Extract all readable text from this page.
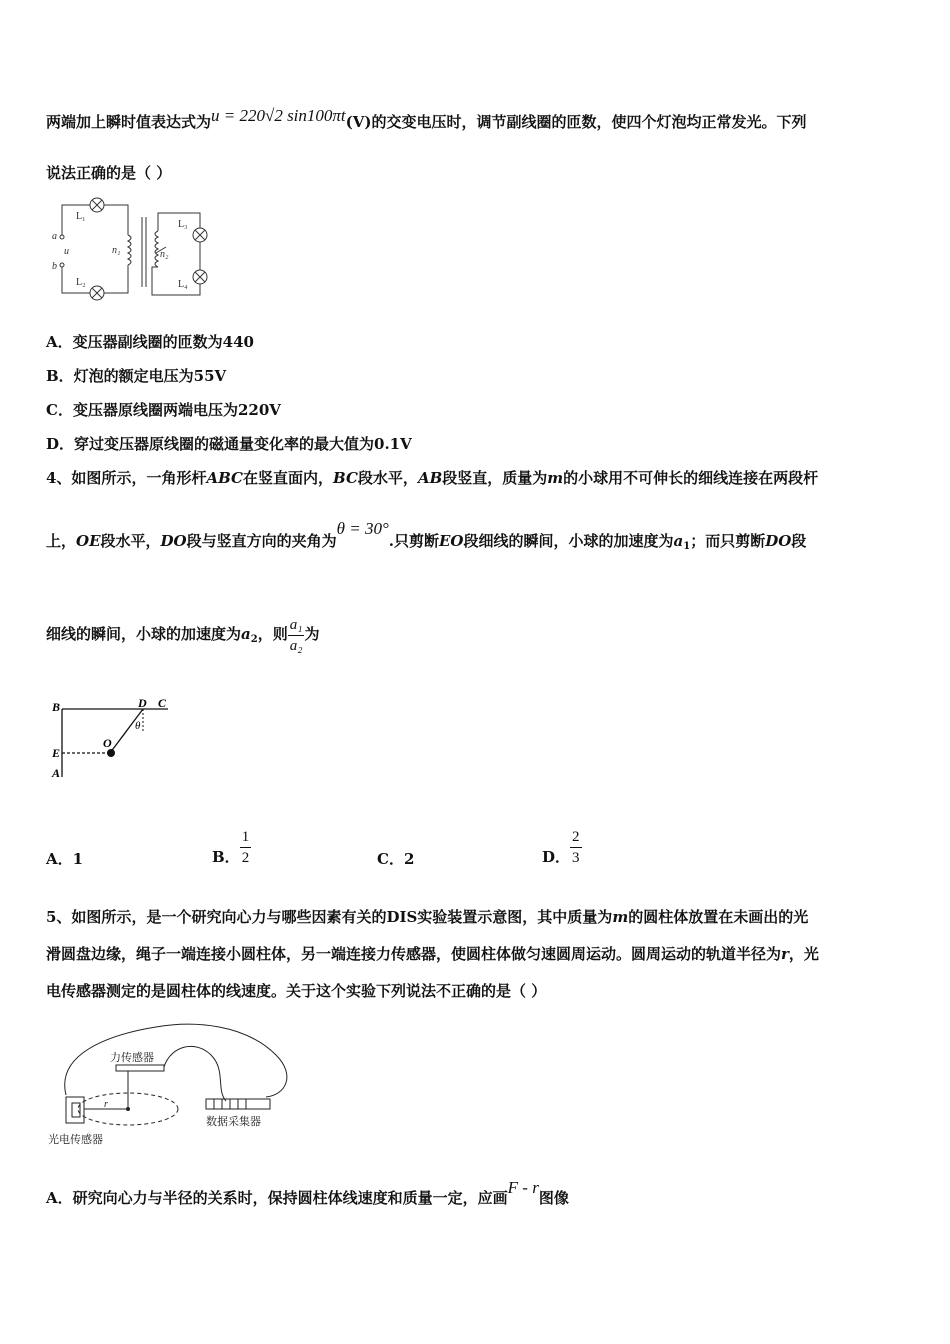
两端加上瞬时值表达式为u = 220√2 sin100πt(V)的交变电压时，调节副线圈的匝数，使四个灯泡均正常发光。下列
说法正确的是（ ）
L₁
L₂
L₃
L₄
a
b
u	n₁	n₂
A．变压器副线圈的匝数为440
B．灯泡的额定电压为55V
C．变压器原线圈两端电压为220V
D．穿过变压器原线圈的磁通量变化率的最大值为0.1V
4、如图所示，一角形杆ABC在竖直面内，BC段水平，AB段竖直，质量为m的小球用不可伸长的细线连接在两段杆
上，OE段水平，DO段与竖直方向的夹角为θ = 30°.只剪断EO段细线的瞬间，小球的加速度为$a_1$；而只剪断DO段
细线的瞬间，小球的加速度为$a_2$，则 $\frac{\text{a₁}}{\text{a₂}}$ 为
B	D C
E
O
A
θ
A．1	B． $\frac{1}{2}$	C．2	D． $\frac{2}{3}$
5、如图所示，是一个研究向心力与哪些因素有关的DIS实验装置示意图，其中质量为m的圆柱体放置在未画出的光
滑圆盘边缘，绳子一端连接小圆柱体，另一端连接力传感器，使圆柱体做匀速圆周运动。圆周运动的轨道半径为r，光
电传感器测定的是圆柱体的线速度。关于这个实验下列说法不正确的是（ ）
力传感器
光电传感器
数据采集器
r
A．研究向心力与半径的关系时，保持圆柱体线速度和质量一定，应画F - r图像
